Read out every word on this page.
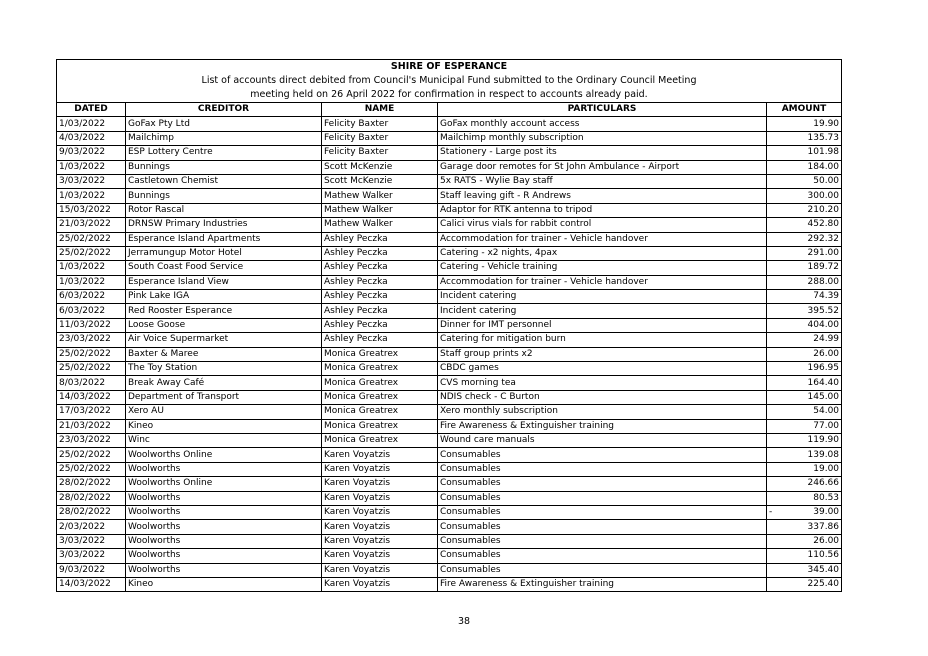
SHIRE OF ESPERANCE				
List of accounts direct debited from Council's Municipal Fund submitted to the Ordinary Council Meeting				
meeting held on 26 April 2022 for confirmation in respect to accounts already paid.				
DATED	CREDITOR	NAME	PARTICULARS	AMOUNT
1/03/2022	GoFax Pty Ltd	Felicity Baxter	GoFax monthly account access	19.90
4/03/2022	Mailchimp	Felicity Baxter	Mailchimp monthly subscription	135.73
9/03/2022	ESP Lottery Centre	Felicity Baxter	Stationery - Large post its	101.98
1/03/2022	Bunnings	Scott McKenzie	Garage door remotes for St John Ambulance - Airport	184.00
3/03/2022	Castletown Chemist	Scott McKenzie	5x RATS - Wylie Bay staff	50.00
1/03/2022	Bunnings	Mathew Walker	Staff leaving gift - R Andrews	300.00
15/03/2022	Rotor Rascal	Mathew Walker	Adaptor for RTK antenna to tripod	210.20
21/03/2022	DRNSW Primary Industries	Mathew Walker	Calici virus vials for rabbit control	452.80
25/02/2022	Esperance Island Apartments	Ashley Peczka	Accommodation for trainer - Vehicle handover	292.32
25/02/2022	Jerramungup Motor Hotel	Ashley Peczka	Catering - x2 nights, 4pax	291.00
1/03/2022	South Coast Food Service	Ashley Peczka	Catering - Vehicle training	189.72
1/03/2022	Esperance Island View	Ashley Peczka	Accommodation for trainer - Vehicle handover	288.00
6/03/2022	Pink Lake IGA	Ashley Peczka	Incident catering	74.39
6/03/2022	Red Rooster Esperance	Ashley Peczka	Incident catering	395.52
11/03/2022	Loose Goose	Ashley Peczka	Dinner for IMT personnel	404.00
23/03/2022	Air Voice Supermarket	Ashley Peczka	Catering for mitigation burn	24.99
25/02/2022	Baxter & Maree	Monica Greatrex	Staff group prints x2	26.00
25/02/2022	The Toy Station	Monica Greatrex	CBDC games	196.95
8/03/2022	Break Away Café	Monica Greatrex	CVS morning tea	164.40
14/03/2022	Department of Transport	Monica Greatrex	NDIS check - C Burton	145.00
17/03/2022	Xero AU	Monica Greatrex	Xero monthly subscription	54.00
21/03/2022	Kineo	Monica Greatrex	Fire Awareness & Extinguisher training	77.00
23/03/2022	Winc	Monica Greatrex	Wound care manuals	119.90
25/02/2022	Woolworths Online	Karen Voyatzis	Consumables	139.08
25/02/2022	Woolworths	Karen Voyatzis	Consumables	19.00
28/02/2022	Woolworths Online	Karen Voyatzis	Consumables	246.66
28/02/2022	Woolworths	Karen Voyatzis	Consumables	80.53
28/02/2022	Woolworths	Karen Voyatzis	Consumables	- 39.00
2/03/2022	Woolworths	Karen Voyatzis	Consumables	337.86
3/03/2022	Woolworths	Karen Voyatzis	Consumables	26.00
3/03/2022	Woolworths	Karen Voyatzis	Consumables	110.56
9/03/2022	Woolworths	Karen Voyatzis	Consumables	345.40
14/03/2022	Kineo	Karen Voyatzis	Fire Awareness & Extinguisher training	225.40
38
